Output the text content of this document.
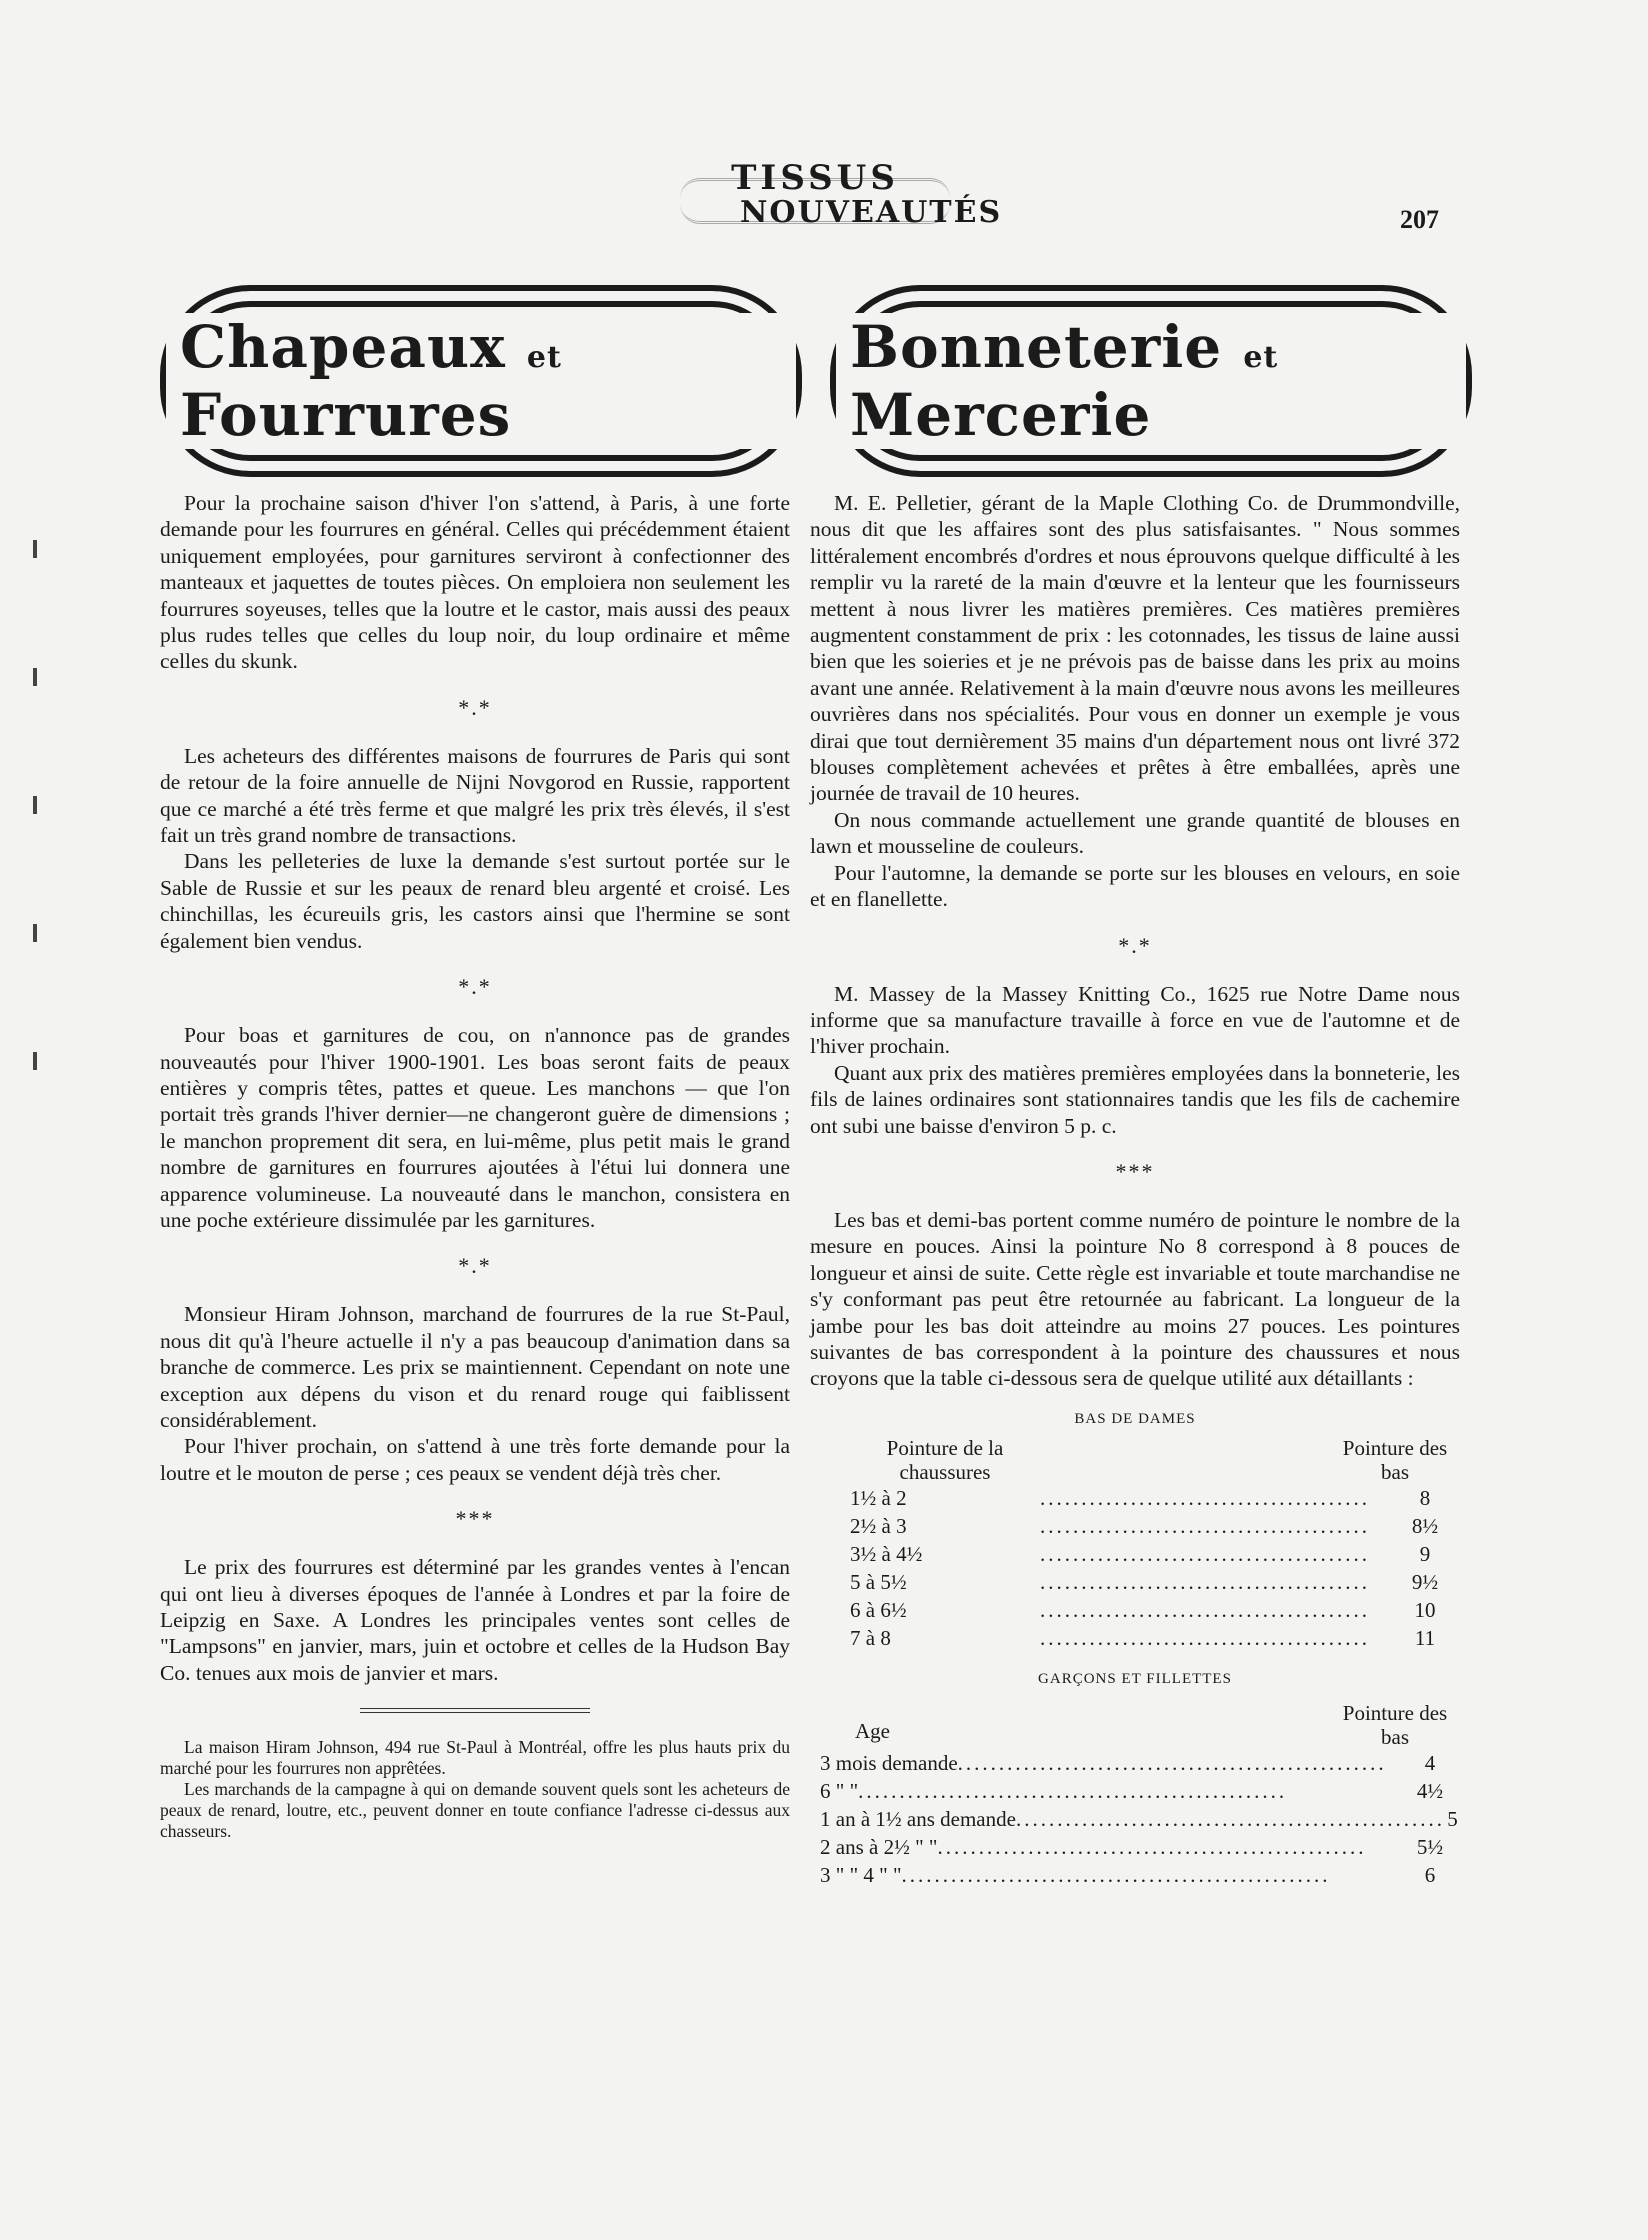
TISSUS
NOUVEAUTÉS	207
Chapeaux et Fourrures
Bonneterie et Mercerie

Pour la prochaine saison d'hiver l'on s'attend, à Paris, à une forte demande pour les fourrures en général. Celles qui précédemment étaient uniquement employées, pour garnitures serviront à confectionner des manteaux et jaquettes de toutes pièces. On emploiera non seulement les fourrures soyeuses, telles que la loutre et le castor, mais aussi des peaux plus rudes telles que celles du loup noir, du loup ordinaire et même celles du skunk.

*.*

Les acheteurs des différentes maisons de fourrures de Paris qui sont de retour de la foire annuelle de Nijni Novgorod en Russie, rapportent que ce marché a été très ferme et que malgré les prix très élevés, il s'est fait un très grand nombre de transactions.

Dans les pelleteries de luxe la demande s'est surtout portée sur le Sable de Russie et sur les peaux de renard bleu argenté et croisé. Les chinchillas, les écureuils gris, les castors ainsi que l'hermine se sont également bien vendus.

*.*

Pour boas et garnitures de cou, on n'annonce pas de grandes nouveautés pour l'hiver 1900-1901. Les boas seront faits de peaux entières y compris têtes, pattes et queue. Les manchons — que l'on portait très grands l'hiver dernier—ne changeront guère de dimensions ; le manchon proprement dit sera, en lui-même, plus petit mais le grand nombre de garnitures en fourrures ajoutées à l'étui lui donnera une apparence volumineuse. La nouveauté dans le manchon, consistera en une poche extérieure dissimulée par les garnitures.

*.*

Monsieur Hiram Johnson, marchand de fourrures de la rue St-Paul, nous dit qu'à l'heure actuelle il n'y a pas beaucoup d'animation dans sa branche de commerce. Les prix se maintiennent. Cependant on note une exception aux dépens du vison et du renard rouge qui faiblissent considérablement.

Pour l'hiver prochain, on s'attend à une très forte demande pour la loutre et le mouton de perse ; ces peaux se vendent déjà très cher.

***

Le prix des fourrures est déterminé par les grandes ventes à l'encan qui ont lieu à diverses époques de l'année à Londres et par la foire de Leipzig en Saxe. A Londres les principales ventes sont celles de "Lampsons" en janvier, mars, juin et octobre et celles de la Hudson Bay Co. tenues aux mois de janvier et mars.

La maison Hiram Johnson, 494 rue St-Paul à Montréal, offre les plus hauts prix du marché pour les fourrures non apprêtées.

Les marchands de la campagne à qui on demande souvent quels sont les acheteurs de peaux de renard, loutre, etc., peuvent donner en toute confiance l'adresse ci-dessus aux chasseurs.

M. E. Pelletier, gérant de la Maple Clothing Co. de Drummondville, nous dit que les affaires sont des plus satisfaisantes. " Nous sommes littéralement encombrés d'ordres et nous éprouvons quelque difficulté à les remplir vu la rareté de la main d'œuvre et la lenteur que les fournisseurs mettent à nous livrer les matières premières. Ces matières premières augmentent constamment de prix : les cotonnades, les tissus de laine aussi bien que les soieries et je ne prévois pas de baisse dans les prix au moins avant une année. Relativement à la main d'œuvre nous avons les meilleures ouvrières dans nos spécialités. Pour vous en donner un exemple je vous dirai que tout dernièrement 35 mains d'un département nous ont livré 372 blouses complètement achevées et prêtes à être emballées, après une journée de travail de 10 heures.

On nous commande actuellement une grande quantité de blouses en lawn et mousseline de couleurs.

Pour l'automne, la demande se porte sur les blouses en velours, en soie et en flanellette.

*.*

M. Massey de la Massey Knitting Co., 1625 rue Notre Dame nous informe que sa manufacture travaille à force en vue de l'automne et de l'hiver prochain.

Quant aux prix des matières premières employées dans la bonneterie, les fils de laines ordinaires sont stationnaires tandis que les fils de cachemire ont subi une baisse d'environ 5 p. c.

***

Les bas et demi-bas portent comme numéro de pointure le nombre de la mesure en pouces. Ainsi la pointure No 8 correspond à 8 pouces de longueur et ainsi de suite. Cette règle est invariable et toute marchandise ne s'y conformant pas peut être retournée au fabricant. La longueur de la jambe pour les bas doit atteindre au moins 27 pouces. Les pointures suivantes de bas correspondent à la pointure des chaussures et nous croyons que la table ci-dessous sera de quelque utilité aux détaillants :

BAS DE DAMES
Pointure de la chaussures
Pointure des bas
1½ à 2	........................................	8
2½ à 3	........................................	8½
3½ à 4½	........................................	9
5 à 5½	........................................	9½
6 à 6½	........................................	10
7 à 8	........................................	11
GARÇONS ET FILLETTES
Age
Pointure des bas
3 mois demande ....................................................	4
6 " " ....................................................	4½
1 an à 1½ ans demande .................................................... 5
2 ans à 2½ " " ....................................................	5½
3 " " 4 " " ....................................................	6
